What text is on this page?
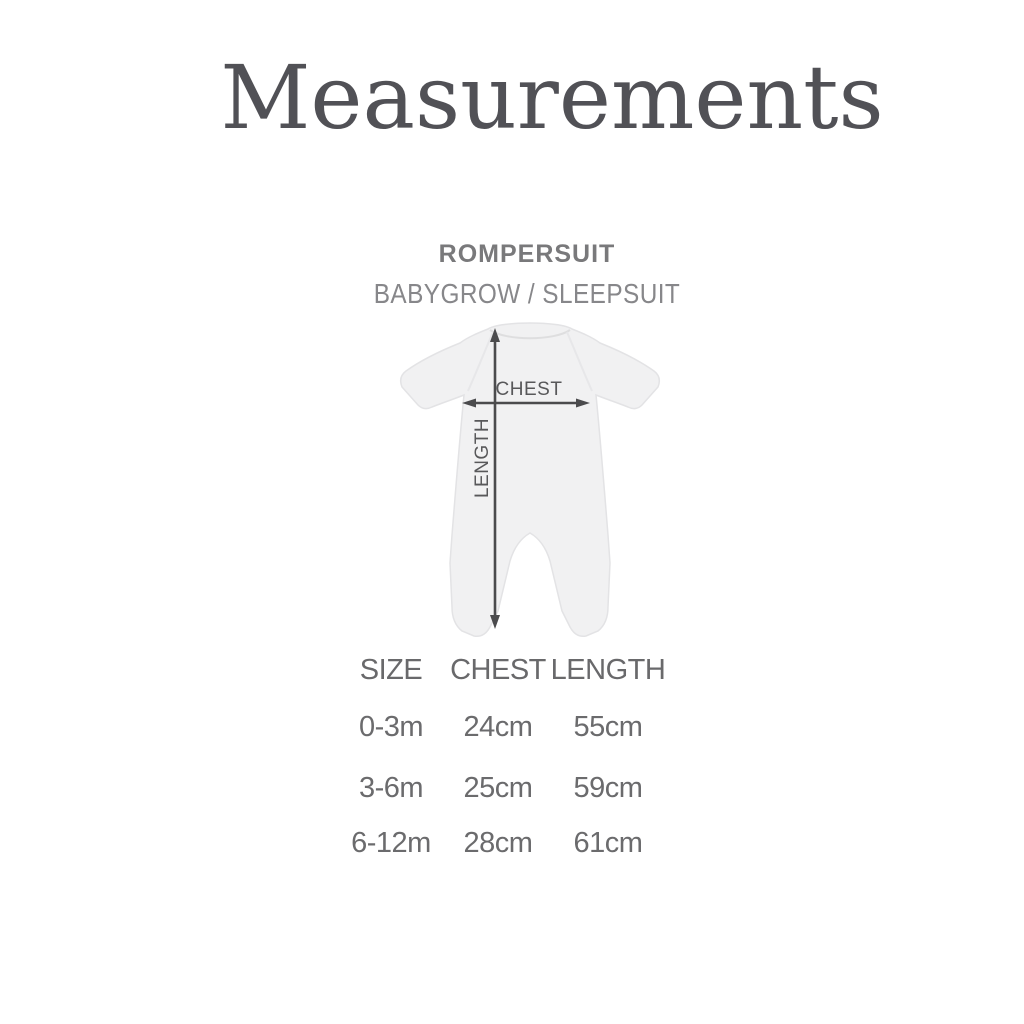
Measurements
ROMPERSUIT
BABYGROW / SLEEPSUIT
CHEST
LENGTH
SIZE CHEST LENGTH
0-3m	24cm	55cm
3-6m	25cm	59cm
6-12m	28cm	61cm
